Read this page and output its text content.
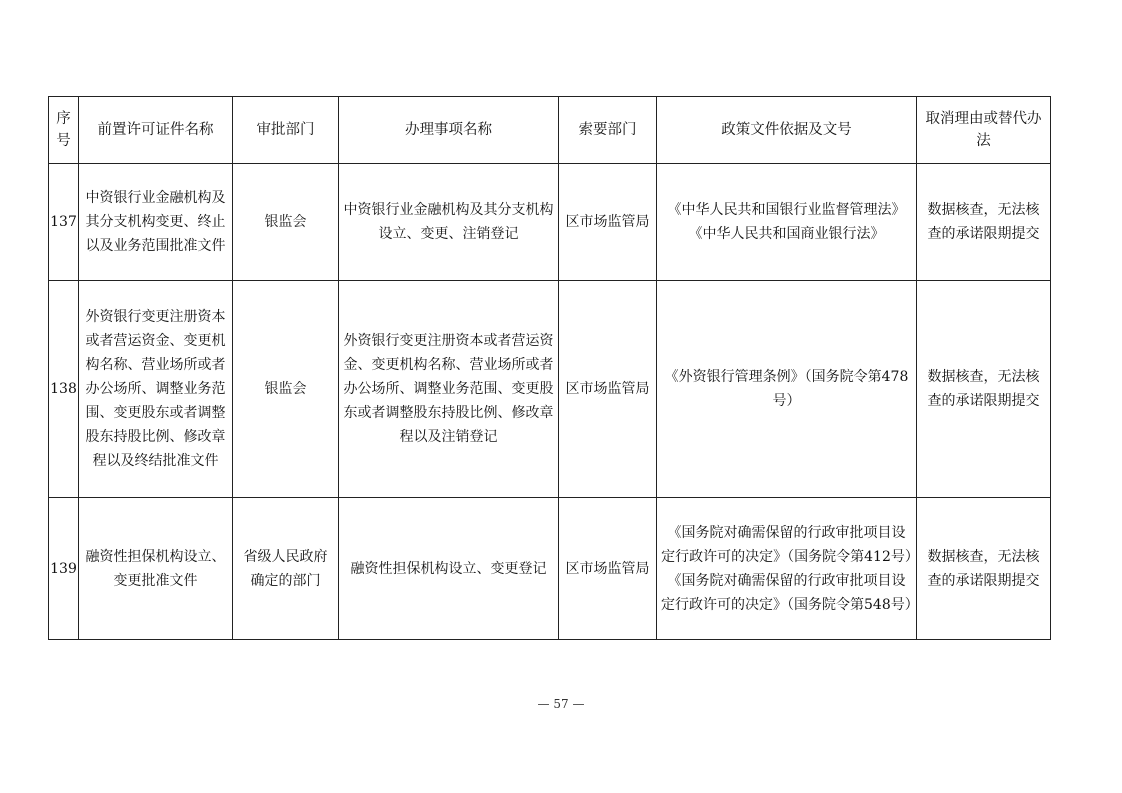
序号	前置许可证件名称	审批部门	办理事项名称	索要部门	政策文件依据及文号	取消理由或替代办法
137	中资银行业金融机构及其分支机构变更、终止以及业务范围批准文件	银监会	中资银行业金融机构及其分支机构设立、变更、注销登记	区市场监管局	《中华人民共和国银行业监督管理法》《中华人民共和国商业银行法》	数据核查，无法核查的承诺限期提交
138	外资银行变更注册资本或者营运资金、变更机构名称、营业场所或者办公场所、调整业务范围、变更股东或者调整股东持股比例、修改章程以及终结批准文件	银监会	外资银行变更注册资本或者营运资金、变更机构名称、营业场所或者办公场所、调整业务范围、变更股东或者调整股东持股比例、修改章程以及注销登记	区市场监管局	《外资银行管理条例》（国务院令第478号）	数据核查，无法核查的承诺限期提交
139	融资性担保机构设立、变更批准文件	省级人民政府确定的部门	融资性担保机构设立、变更登记	区市场监管局	《国务院对确需保留的行政审批项目设定行政许可的决定》（国务院令第412号）《国务院对确需保留的行政审批项目设定行政许可的决定》（国务院令第548号）	数据核查，无法核查的承诺限期提交
— 57 —
